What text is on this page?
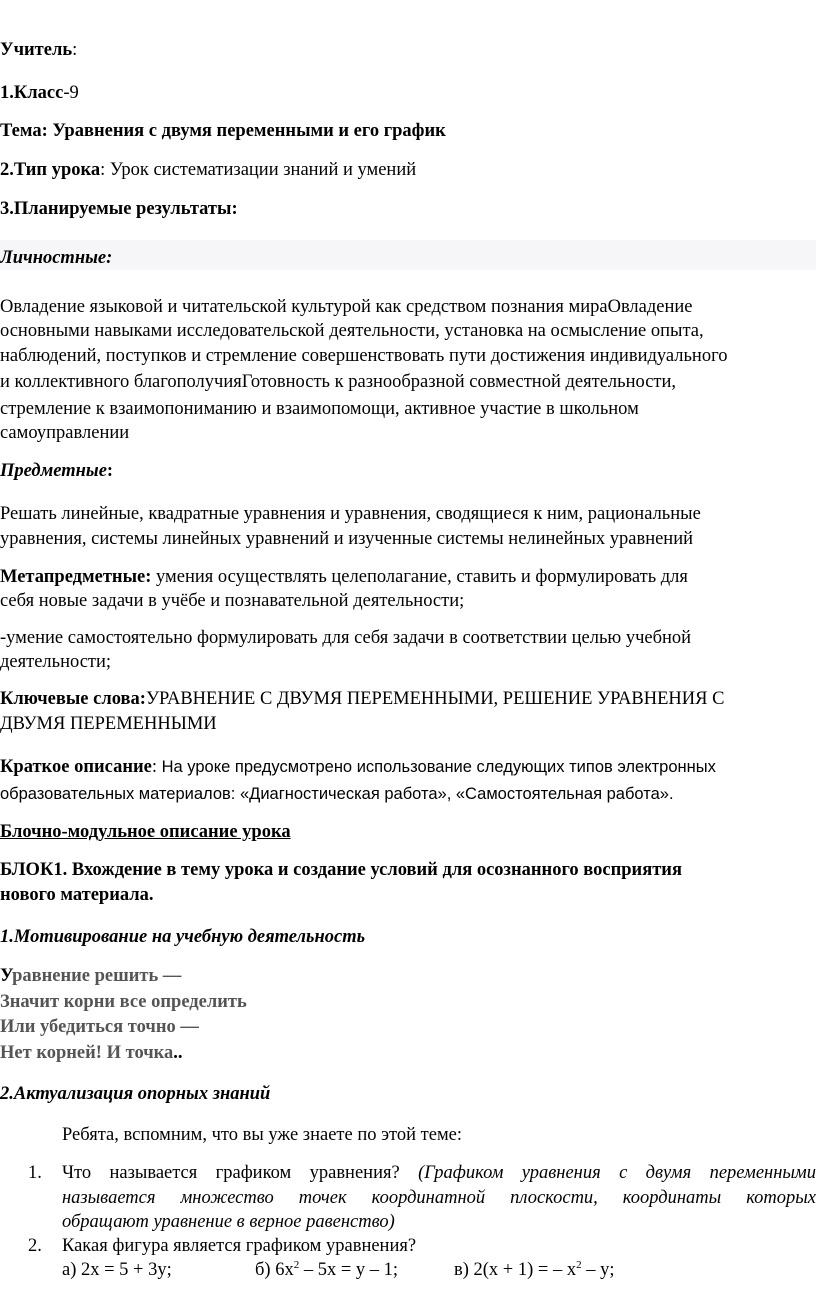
Учитель:
1.Класс-9
Тема: Уравнения с двумя переменными и его график
2.Тип урока: Урок систематизации знаний и умений
3.Планируемые результаты:
Личностные:
Овладение языковой и читательской культурой как средством познания мираОвладение
основными навыками исследовательской деятельности, установка на осмысление опыта,
наблюдений, поступков и стремление совершенствовать пути достижения индивидуального
и коллективного благополучияГотовность к разнообразной совместной деятельности,
стремление к взаимопониманию и взаимопомощи, активное участие в школьном
самоуправлении
Предметные:
Решать линейные, квадратные уравнения и уравнения, сводящиеся к ним, рациональные
уравнения, системы линейных уравнений и изученные системы нелинейных уравнений
Метапредметные: умения осуществлять целеполагание, ставить и формулировать для
себя новые задачи в учёбе и познавательной деятельности;
-умение самостоятельно формулировать для себя задачи в соответствии целью учебной
деятельности;
Ключевые слова:УРАВНЕНИЕ С ДВУМЯ ПЕРЕМЕННЫМИ, РЕШЕНИЕ УРАВНЕНИЯ С
ДВУМЯ ПЕРЕМЕННЫМИ
Краткое описание: На уроке предусмотрено использование следующих типов электронных
образовательных материалов: «Диагностическая работа», «Самостоятельная работа».
Блочно-модульное описание урока
БЛОК1. Вхождение в тему урока и создание условий для осознанного восприятия
нового материала.
1.Мотивирование на учебную деятельность
Уравнение решить —
Значит корни все определить
Или убедиться точно —
Нет корней! И точка..
2.Актуализация опорных знаний
Ребята, вспомним, что вы уже знаете по этой теме:
1. Что называется графиком уравнения? (Графиком уравнения с двумя переменными
называется множество точек координатной плоскости, координаты которых
обращают уравнение в верное равенство)
2. Какая фигура является графиком уравнения?
а) 2x = 5 + 3y;	б) $6x^2 - 5x = y - 1$;	в) 2(x + 1) = – $x^2$ – y;
